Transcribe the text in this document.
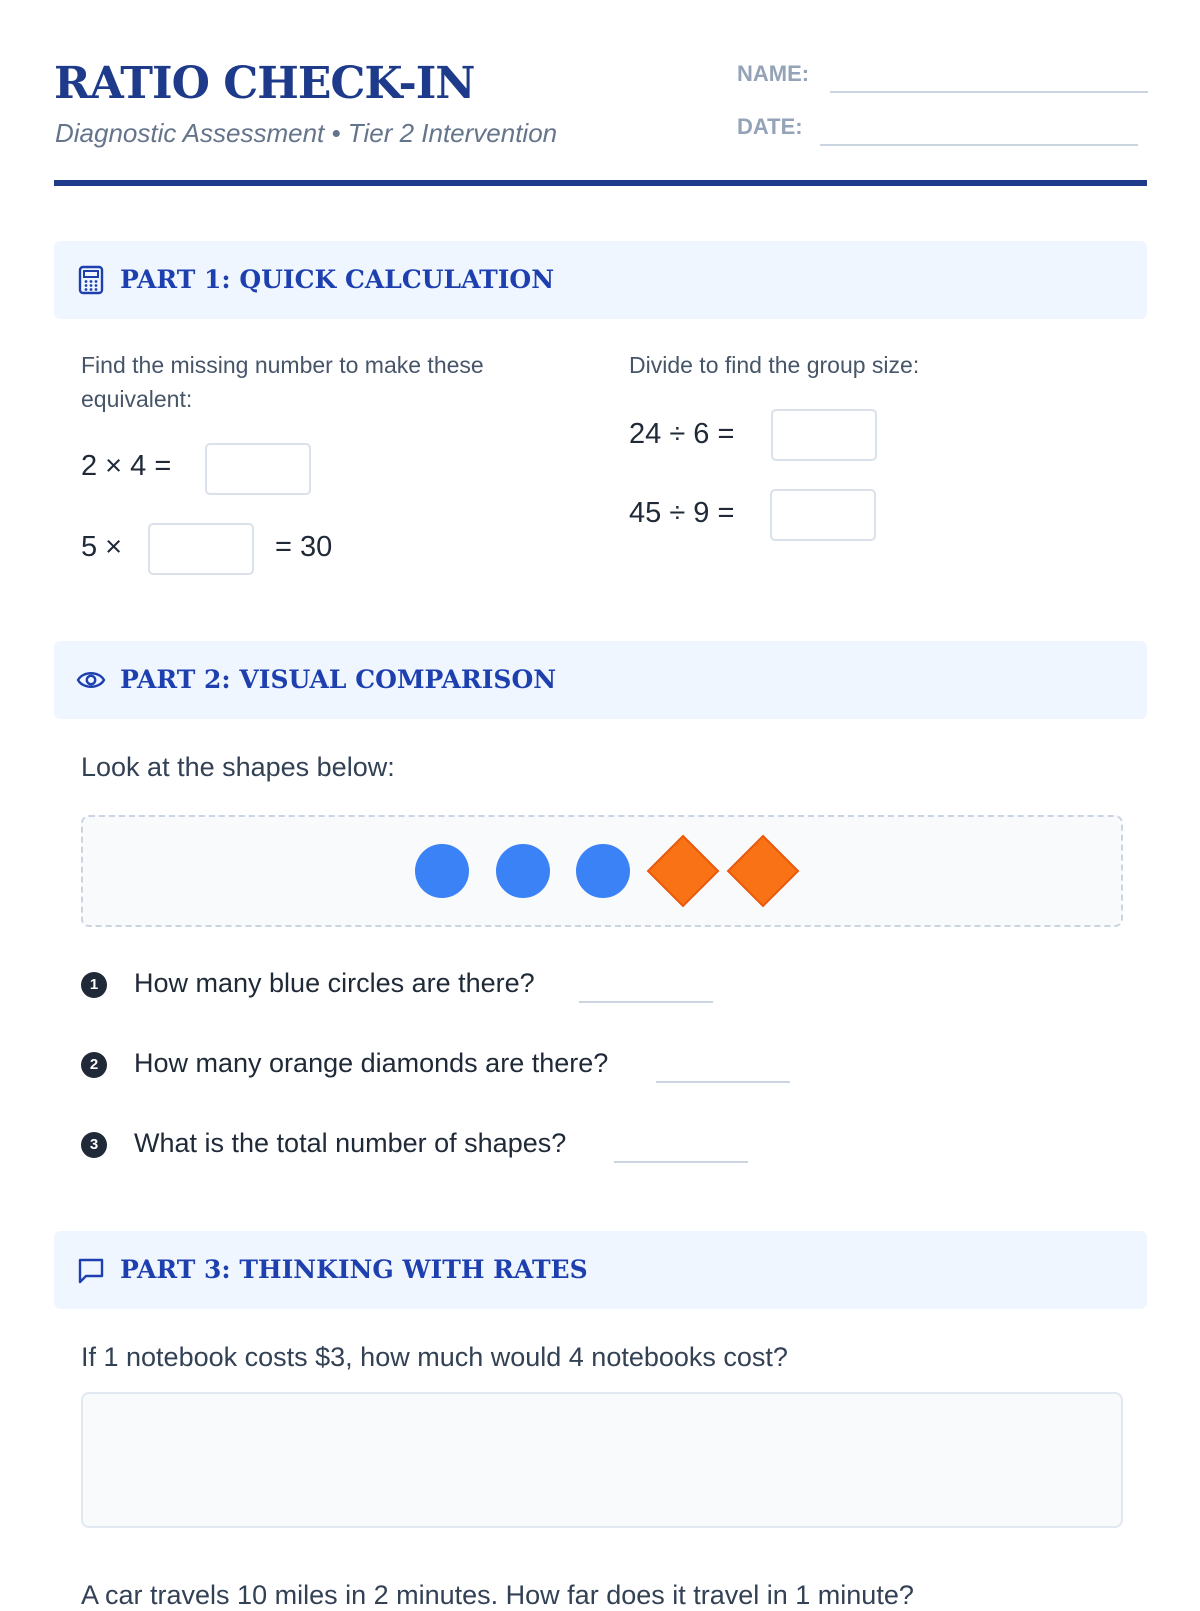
RATIO CHECK-IN
Diagnostic Assessment • Tier 2 Intervention
NAME:
DATE:
PART 1: QUICK CALCULATION
Find the missing number to make these equivalent:
Divide to find the group size:
2 × 4 =
5 ×	= 30
24 ÷ 6 =
45 ÷ 9 =
PART 2: VISUAL COMPARISON
Look at the shapes below:
1	How many blue circles are there?
2	How many orange diamonds are there?
3	What is the total number of shapes?
PART 3: THINKING WITH RATES
If 1 notebook costs $3, how much would 4 notebooks cost?
A car travels 10 miles in 2 minutes. How far does it travel in 1 minute?
